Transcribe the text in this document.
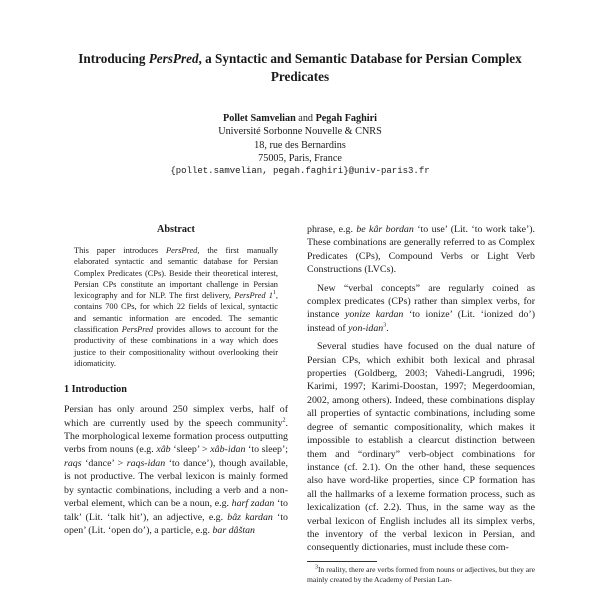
Introducing PersPred, a Syntactic and Semantic Database for Persian Complex Predicates
Pollet Samvelian and Pegah Faghiri
Université Sorbonne Nouvelle & CNRS
18, rue des Bernardins
75005, Paris, France
{pollet.samvelian, pegah.faghiri}@univ-paris3.fr
Abstract
This paper introduces PersPred, the first manually elaborated syntactic and semantic database for Persian Complex Predicates (CPs). Beside their theoretical interest, Persian CPs constitute an important challenge in Persian lexicography and for NLP. The first delivery, PersPred $1^1$, contains 700 CPs, for which 22 fields of lexical, syntactic and semantic information are encoded. The semantic classification PersPred provides allows to account for the productivity of these combinations in a way which does justice to their compositionality without overlooking their idiomaticity.
1 Introduction

Persian has only around 250 simplex verbs, half of which are currently used by the speech community$^2$. The morphological lexeme formation process outputting verbs from nouns (e.g. xâb ‘sleep’ > xâb-idan ‘to sleep’; raqs ‘dance’ > raqs-idan ‘to dance’), though available, is not productive. The verbal lexicon is mainly formed by syntactic combinations, including a verb and a non-verbal element, which can be a noun, e.g. harf zadan ‘to talk’ (Lit. ‘talk hit’), an adjective, e.g. bâz kardan ‘to open’ (Lit. ‘open do’), a particle, e.g. bar dâštan

phrase, e.g. be kâr bordan ‘to use’ (Lit. ‘to work take’). These combinations are generally referred to as Complex Predicates (CPs), Compound Verbs or Light Verb Constructions (LVCs).

New “verbal concepts” are regularly coined as complex predicates (CPs) rather than simplex verbs, for instance yonize kardan ‘to ionize’ (Lit. ‘ionized do’) instead of yon-idan$^3$.

Several studies have focused on the dual nature of Persian CPs, which exhibit both lexical and phrasal properties (Goldberg, 2003; Vahedi-Langrudi, 1996; Karimi, 1997; Karimi-Doostan, 1997; Megerdoomian, 2002, among others). Indeed, these combinations display all properties of syntactic combinations, including some degree of semantic compositionality, which makes it impossible to establish a clearcut distinction between them and “ordinary” verb-object combinations for instance (cf. 2.1). On the other hand, these sequences also have word-like properties, since CP formation has all the hallmarks of a lexeme formation process, such as lexicalization (cf. 2.2). Thus, in the same way as the verbal lexicon of English includes all its simplex verbs, the inventory of the verbal lexicon in Persian, and consequently dictionaries, must include these com-

$^3$In reality, there are verbs formed from nouns or adjectives, but they are mainly created by the Academy of Persian Lan-
